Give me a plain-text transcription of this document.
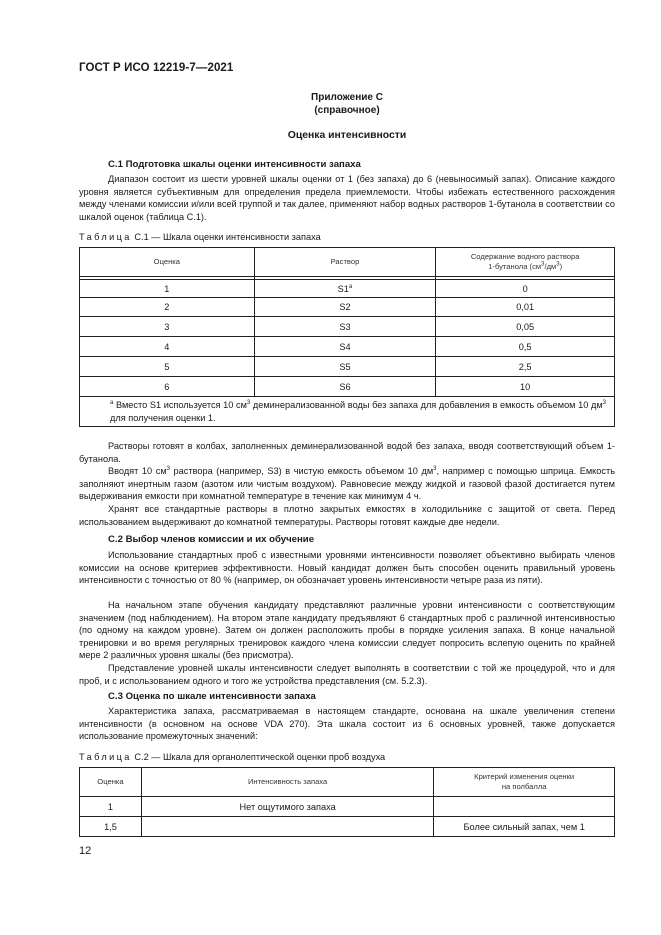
ГОСТ Р ИСО 12219-7—2021
Приложение С
(справочное)
Оценка интенсивности
С.1 Подготовка шкалы оценки интенсивности запаха
Диапазон состоит из шести уровней шкалы оценки от 1 (без запаха) до 6 (невыносимый запах). Описание каждого уровня является субъективным для определения предела приемлемости. Чтобы избежать естественного расхождения между членами комиссии и/или всей группой и так далее, применяют набор водных растворов 1-бутанола в соответствии со шкалой оценок (таблица С.1).
Таблица С.1 — Шкала оценки интенсивности запаха
Оценка	Раствор	Содержание водного раствора
1-бутанола $(см^3/дм^3)$

1	S1$^a$	0
2	S2	0,01
3	S3	0,05
4	S4	0,5
5	S5	2,5
6	S6	10
$^a$ Вместо S1 используется 10 $см^3$ деминерализованной воды без запаха для добавления в емкость объемом 10 $дм^3$ для получения оценки 1.		
Растворы готовят в колбах, заполненных деминерализованной водой без запаха, вводя соответствующий объем 1-бутанола.
Вводят 10 $см^3$ раствора (например, S3) в чистую емкость объемом 10 $дм^3$, например с помощью шприца. Емкость заполняют инертным газом (азотом или чистым воздухом). Равновесие между жидкой и газовой фазой достигается путем выдерживания емкости при комнатной температуре в течение как минимум 4 ч.
Хранят все стандартные растворы в плотно закрытых емкостях в холодильнике с защитой от света. Перед использованием выдерживают до комнатной температуры. Растворы готовят каждые две недели.
С.2 Выбор членов комиссии и их обучение
Использование стандартных проб с известными уровнями интенсивности позволяет объективно выбирать членов комиссии на основе критериев эффективности. Новый кандидат должен быть способен оценить правильный уровень интенсивности с точностью от 80 % (например, он обозначает уровень интенсивности четыре раза из пяти).
На начальном этапе обучения кандидату представляют различные уровни интенсивности с соответствующим значением (под наблюдением). На втором этапе кандидату предъявляют 6 стандартных проб с различной интенсивностью (по одному на каждом уровне). Затем он должен расположить пробы в порядке усиления запаха. В конце начальной тренировки и во время регулярных тренировок каждого члена комиссии следует попросить вслепую оценить по крайней мере 2 различных уровня шкалы (без присмотра).
Представление уровней шкалы интенсивности следует выполнять в соответствии с той же процедурой, что и для проб, и с использованием одного и того же устройства представления (см. 5.2.3).
С.3 Оценка по шкале интенсивности запаха
Характеристика запаха, рассматриваемая в настоящем стандарте, основана на шкале увеличения степени интенсивности (в основном на основе VDA 270). Эта шкала состоит из 6 основных уровней, также допускается использование промежуточных значений:
Таблица С.2 — Шкала для органолептической оценки проб воздуха
Оценка	Интенсивность запаха	Критерий изменения оценки
на полбалла
1	Нет ощутимого запаха	
1,5		Более сильный запах, чем 1
12
